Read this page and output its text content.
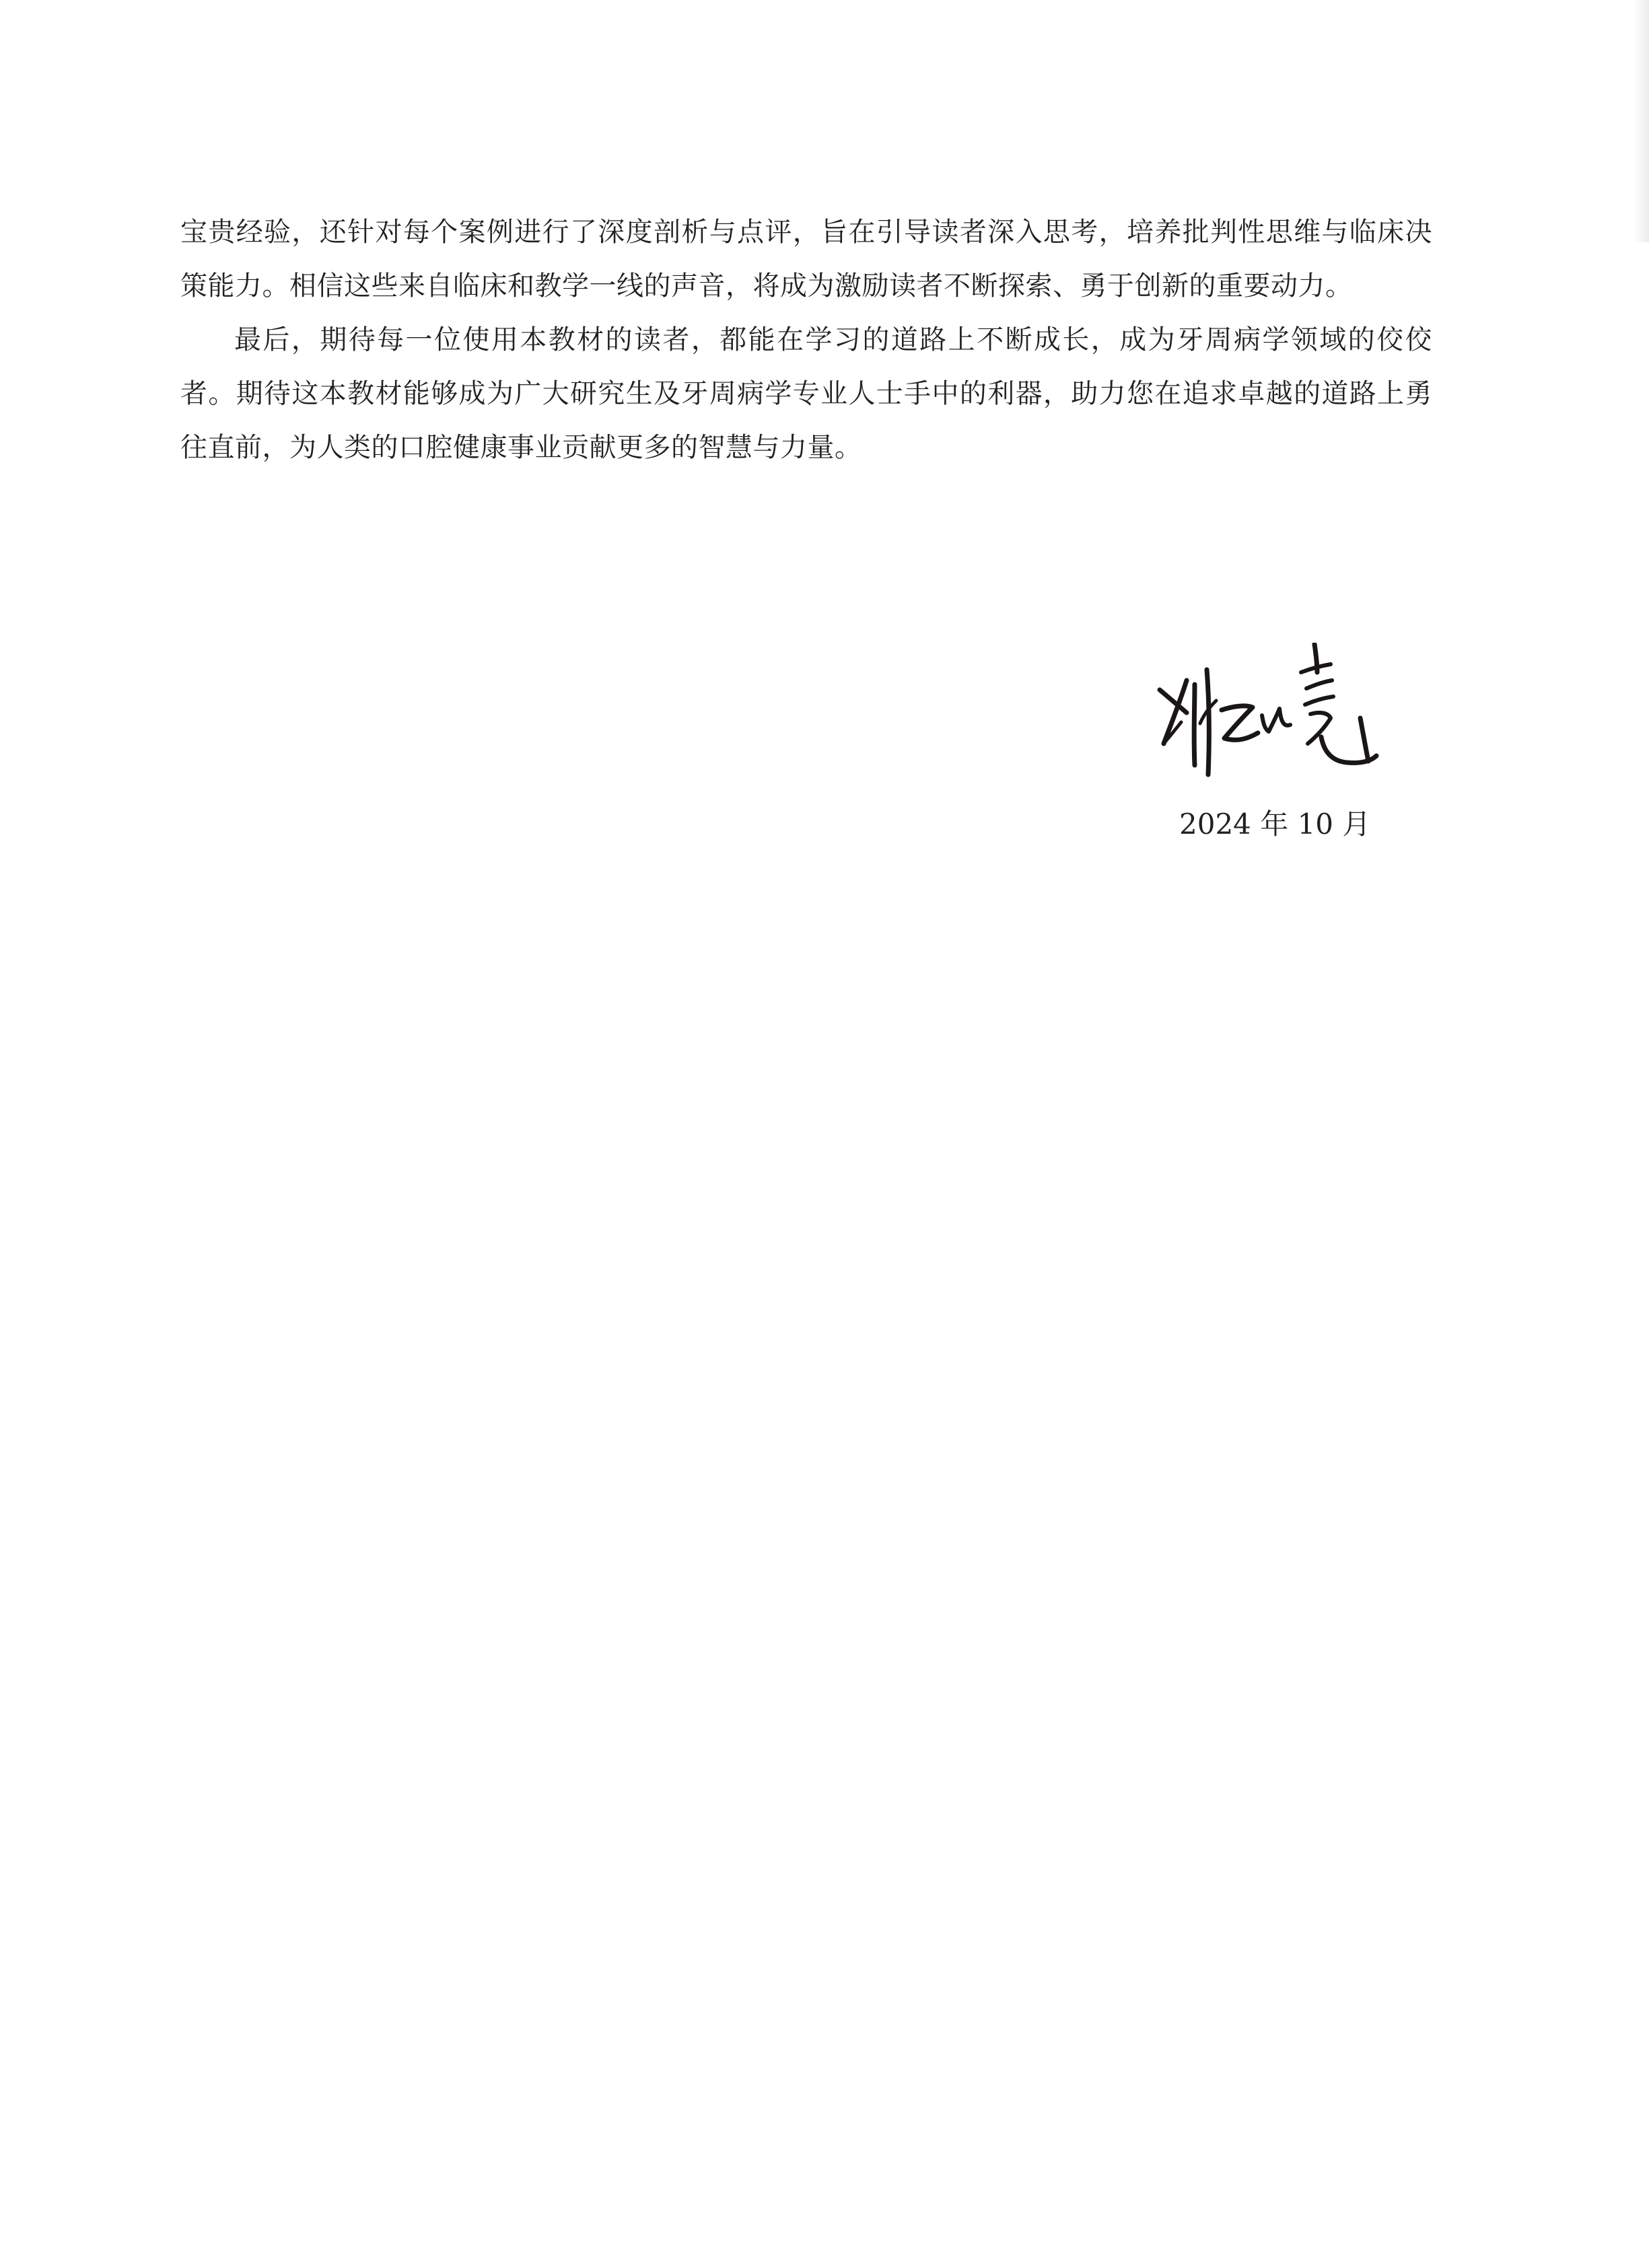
宝贵经验，还针对每个案例进行了深度剖析与点评，旨在引导读者深入思考，培养批判性思维与临床决策能力。相信这些来自临床和教学一线的声音，将成为激励读者不断探索、勇于创新的重要动力。

最后，期待每一位使用本教材的读者，都能在学习的道路上不断成长，成为牙周病学领域的佼佼者。期待这本教材能够成为广大研究生及牙周病学专业人士手中的利器，助力您在追求卓越的道路上勇往直前，为人类的口腔健康事业贡献更多的智慧与力量。

2024 年 10 月
